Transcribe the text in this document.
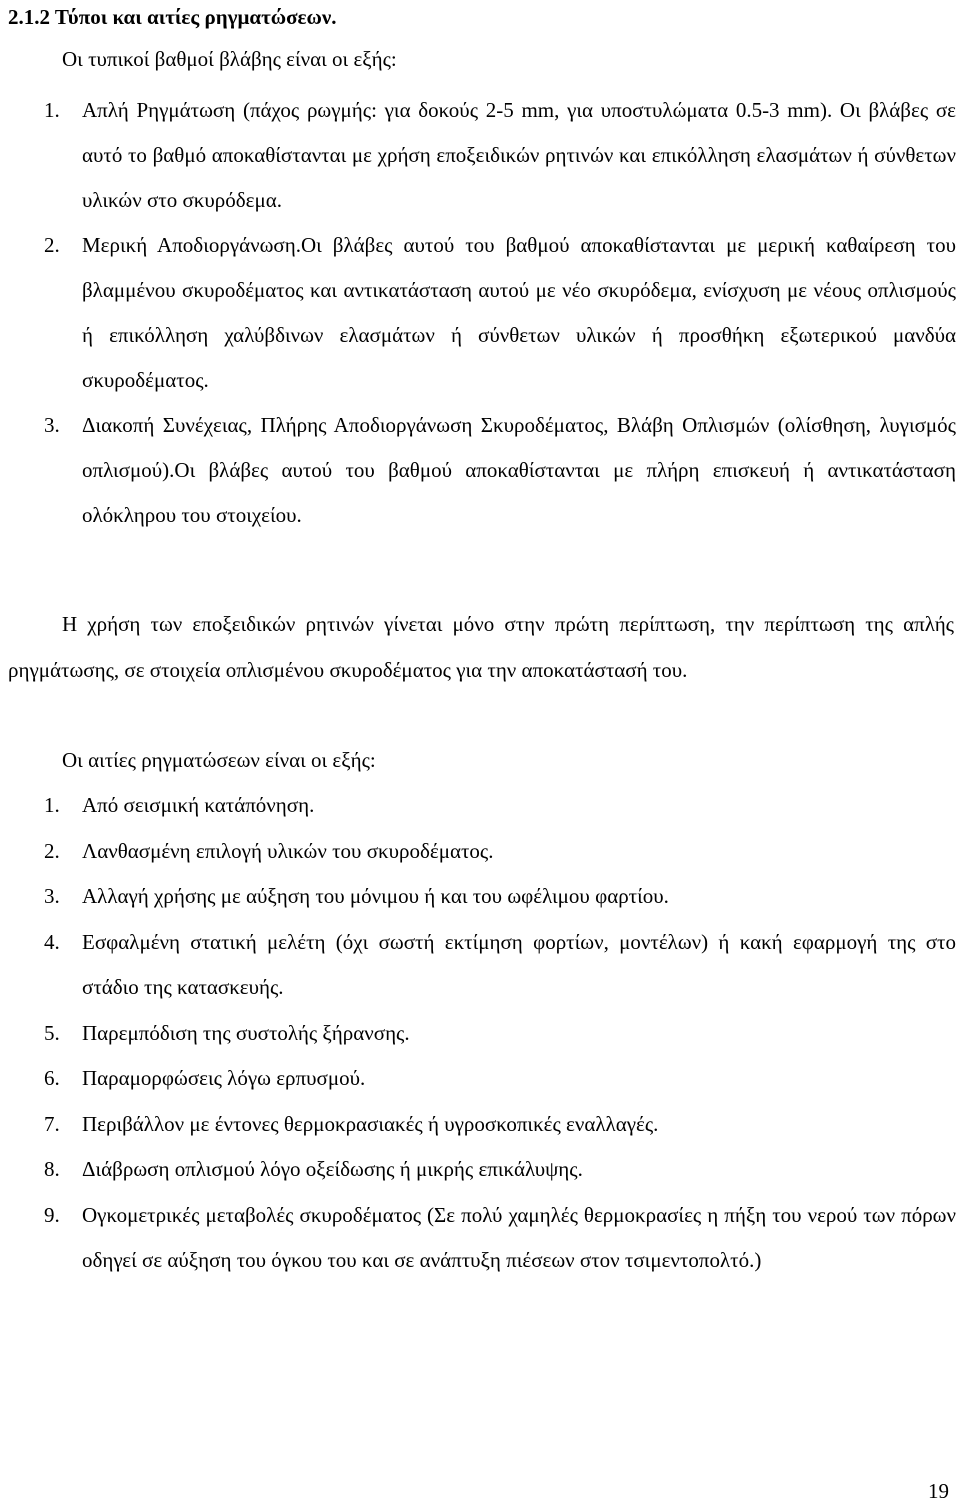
2.1.2 Τύποι και αιτίες ρηγματώσεων.
Οι τυπικοί βαθμοί βλάβης είναι οι εξής:
1.	Απλή Ρηγμάτωση (πάχος ρωγμής: για δοκούς 2-5 mm, για υποστυλώματα 0.5-3 mm). Οι βλάβες σε αυτό το βαθμό αποκαθίστανται με χρήση εποξειδικών ρητινών και επικόλληση ελασμάτων ή σύνθετων υλικών στο σκυρόδεμα.
2.	Μερική Αποδιοργάνωση.Οι βλάβες αυτού του βαθμού αποκαθίστανται με μερική καθαίρεση του βλαμμένου σκυροδέματος και αντικατάσταση αυτού με νέο σκυρόδεμα, ενίσχυση με νέους οπλισμούς ή επικόλληση χαλύβδινων ελασμάτων ή σύνθετων υλικών ή προσθήκη εξωτερικού μανδύα σκυροδέματος.
3.	Διακοπή Συνέχειας, Πλήρης Αποδιοργάνωση Σκυροδέματος, Βλάβη Οπλισμών (ολίσθηση, λυγισμός οπλισμού).Οι βλάβες αυτού του βαθμού αποκαθίστανται με πλήρη επισκευή ή αντικατάσταση ολόκληρου του στοιχείου.
Η χρήση των εποξειδικών ρητινών γίνεται μόνο στην πρώτη περίπτωση, την περίπτωση της απλής ρηγμάτωσης, σε στοιχεία οπλισμένου σκυροδέματος για την αποκατάστασή του.
Οι αιτίες ρηγματώσεων είναι οι εξής:
1.	Από σεισμική κατάπόνηση.
2.	Λανθασμένη επιλογή υλικών του σκυροδέματος.
3.	Αλλαγή χρήσης με αύξηση του μόνιμου ή και του ωφέλιμου φαρτίου.
4.	Εσφαλμένη στατική μελέτη (όχι σωστή εκτίμηση φορτίων, μοντέλων) ή κακή εφαρμογή της στο στάδιο της κατασκευής.
5.	Παρεμπόδιση της συστολής ξήρανσης.
6.	Παραμορφώσεις λόγω ερπυσμού.
7.	Περιβάλλον με έντονες θερμοκρασιακές ή υγροσκοπικές εναλλαγές.
8.	Διάβρωση οπλισμού λόγο οξείδωσης ή μικρής επικάλυψης.
9.	Ογκομετρικές μεταβολές σκυροδέματος (Σε πολύ χαμηλές θερμοκρασίες η πήξη του νερού των πόρων οδηγεί σε αύξηση του όγκου του και σε ανάπτυξη πιέσεων στον τσιμεντοπολτό.)
19
